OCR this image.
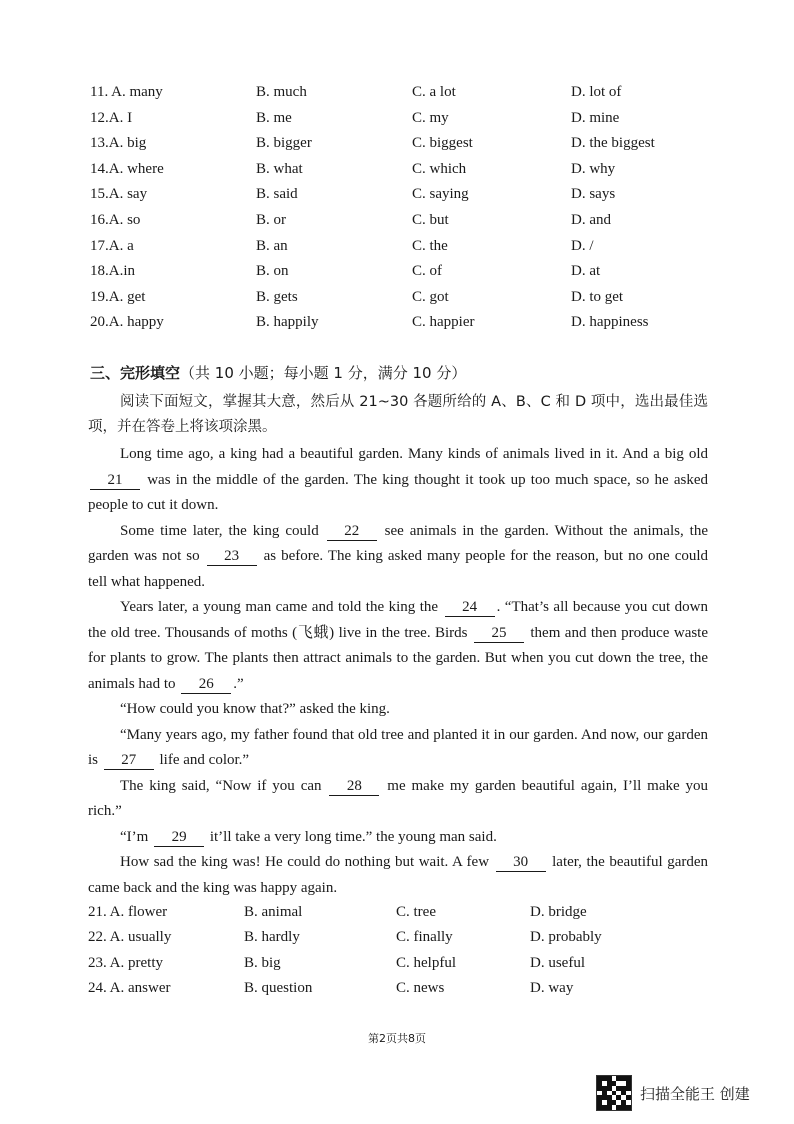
11. A. many	B. much	C. a lot	D. lot of
12.A. I	B. me	C. my	D. mine
13.A. big	B. bigger	C. biggest	D. the biggest
14.A. where	B. what	C. which	D. why
15.A. say	B. said	C. saying	D. says
16.A. so	B. or	C. but	D. and
17.A. a	B. an	C. the	D. /
18.A.in	B. on	C. of	D. at
19.A. get	B. gets	C. got	D. to get
20.A. happy	B. happily	C. happier	D. happiness
三、完形填空（共 10 小题；每小题 1 分，满分 10 分）
阅读下面短文，掌握其大意，然后从 21~30 各题所给的 A、B、C 和 D 项中，选出最佳选项，并在答卷上将该项涂黑。

Long time ago, a king had a beautiful garden. Many kinds of animals lived in it. And a big old 21 was in the middle of the garden. The king thought it took up too much space, so he asked people to cut it down.

Some time later, the king could 22 see animals in the garden. Without the animals, the garden was not so 23 as before. The king asked many people for the reason, but no one could tell what happened.

Years later, a young man came and told the king the 24 . “That’s all because you cut down the old tree. Thousands of moths (飞蛾) live in the tree. Birds 25 them and then produce waste for plants to grow. The plants then attract animals to the garden. But when you cut down the tree, the animals had to 26 .”

“How could you know that?” asked the king.

“Many years ago, my father found that old tree and planted it in our garden. And now, our garden is 27 life and color.”

The king said, “Now if you can 28 me make my garden beautiful again, I’ll make you rich.”

“I’m 29 it’ll take a very long time.” the young man said.

How sad the king was! He could do nothing but wait. A few 30 later, the beautiful garden came back and the king was happy again.

21. A. flower	B. animal	C. tree	D. bridge
22. A. usually	B. hardly	C. finally	D. probably
23. A. pretty	B. big	C. helpful	D. useful
24. A. answer	B. question	C. news	D. way
第2页共8页
扫描全能王 创建
